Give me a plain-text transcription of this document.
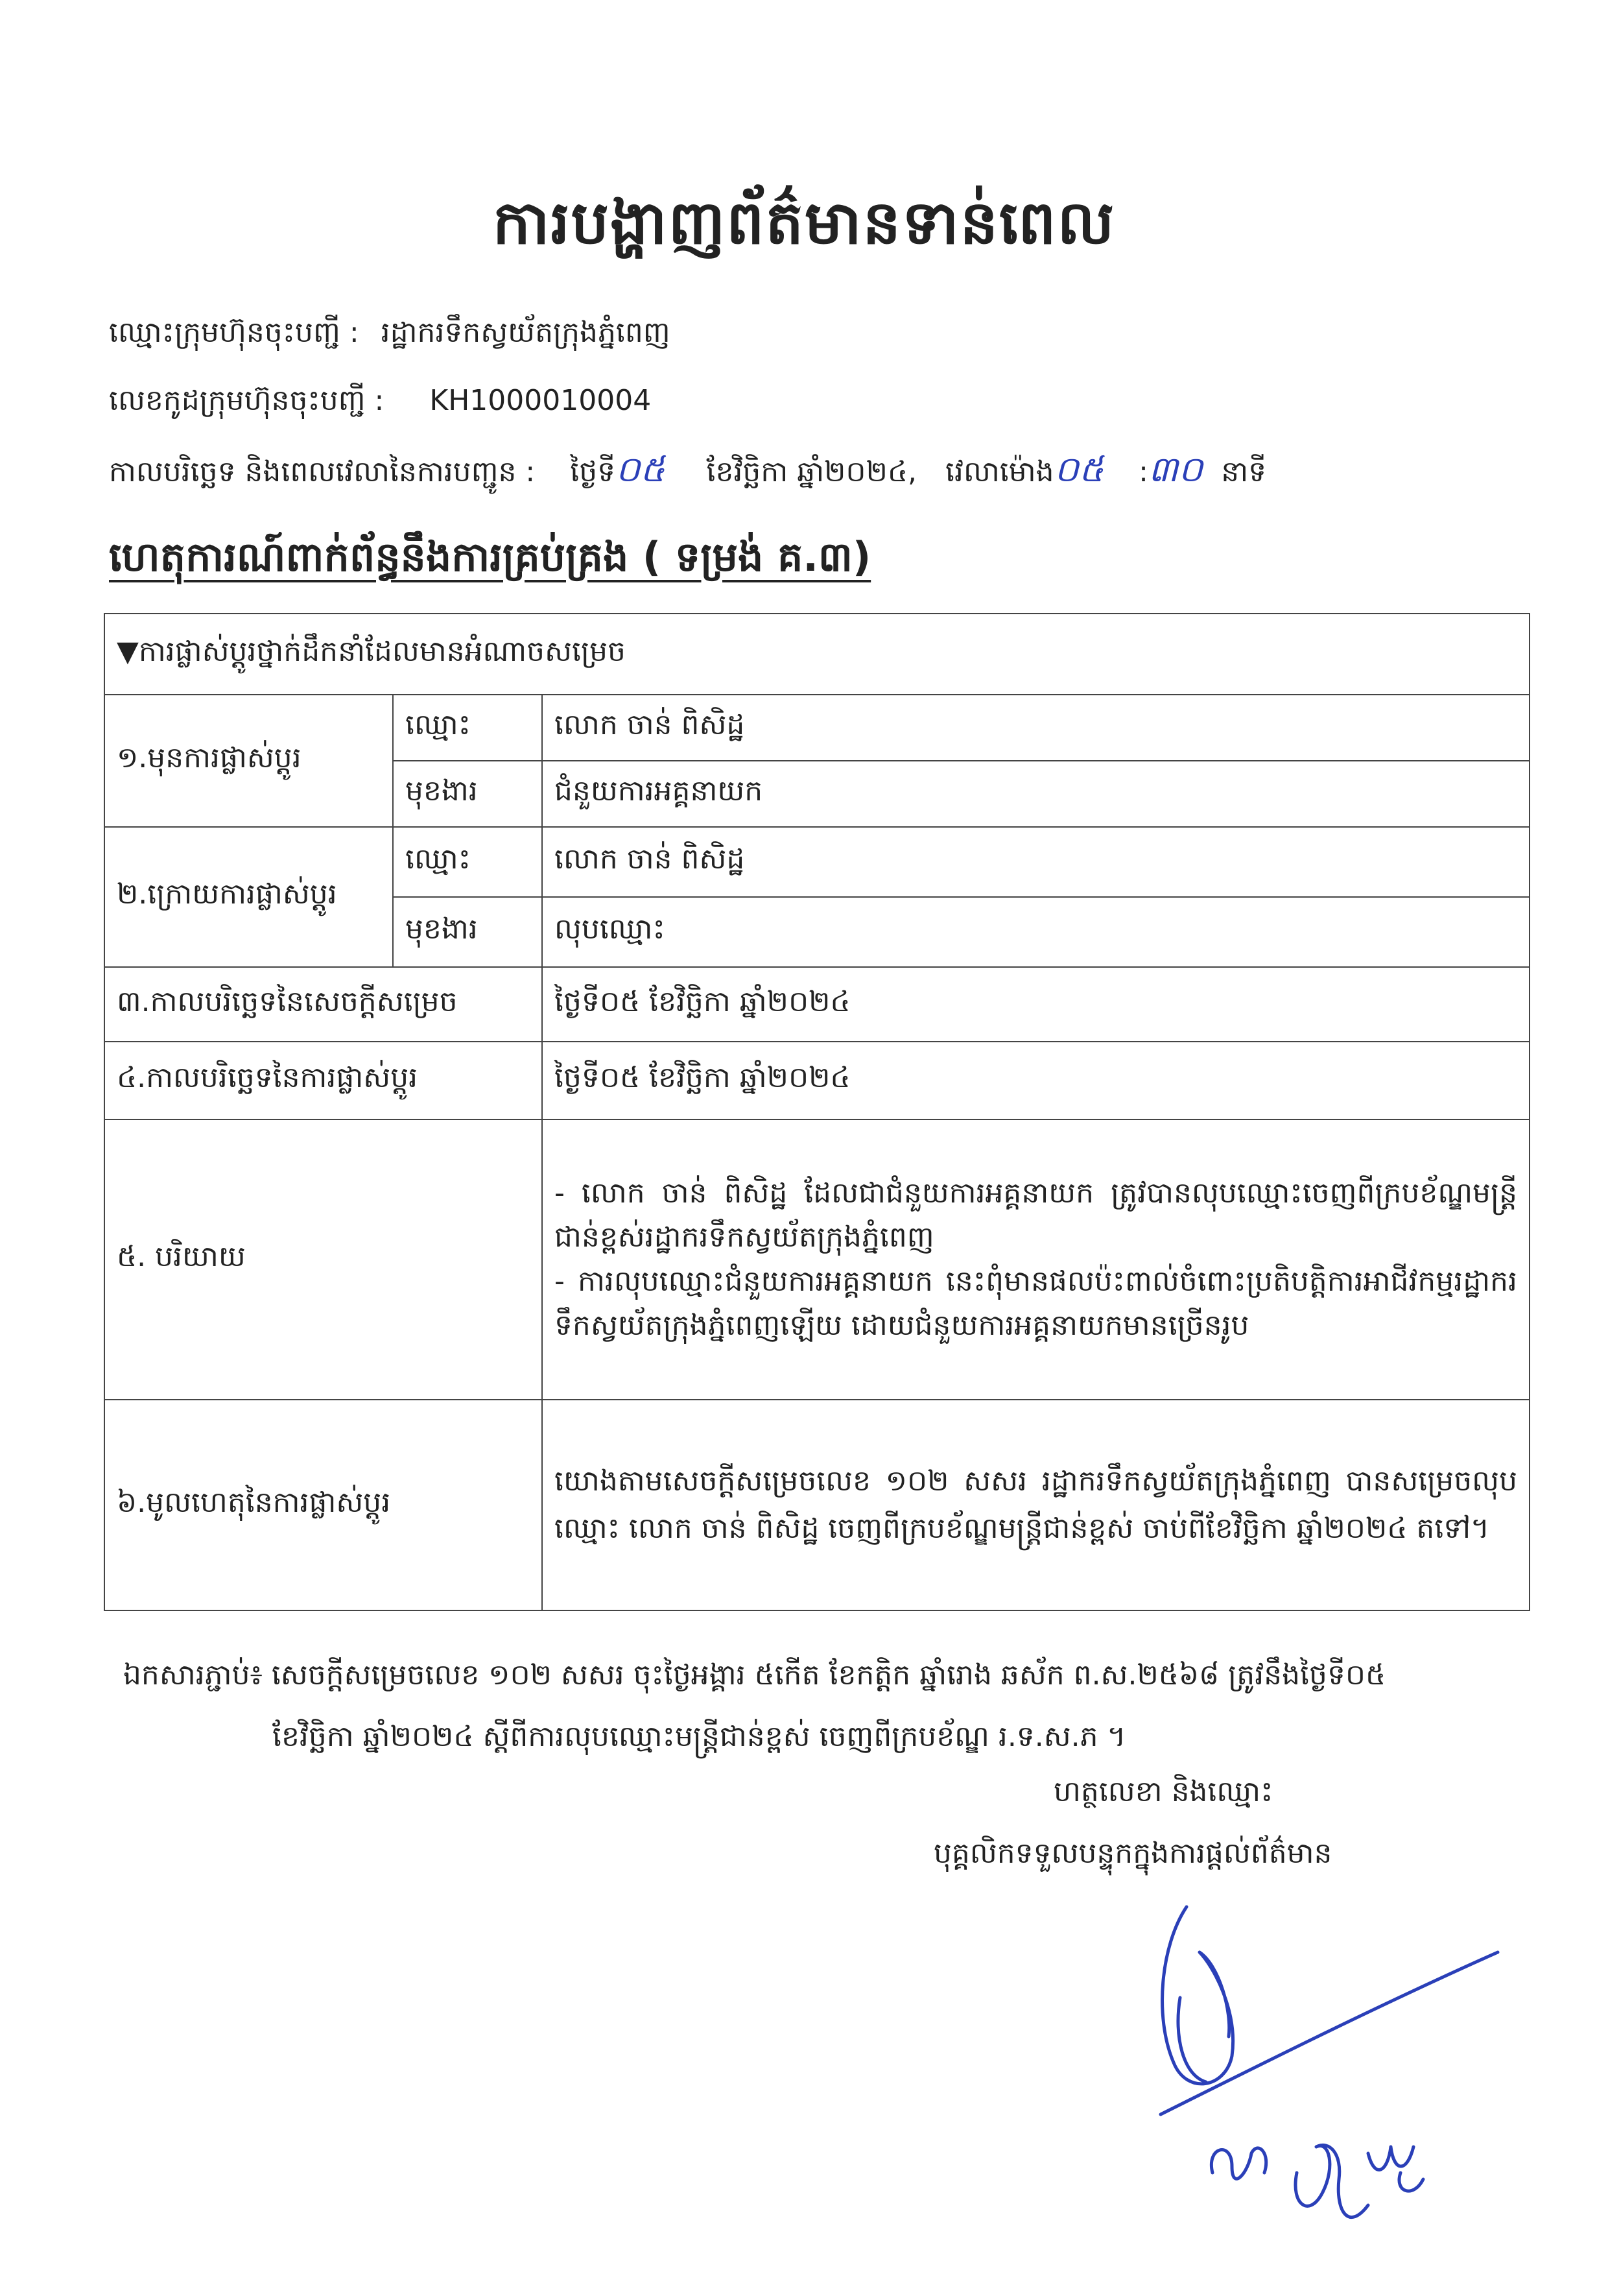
ការបង្ហាញព័ត៌មានទាន់ពេល
ឈ្មោះក្រុមហ៊ុនចុះបញ្ជី : រដ្ឋាករទឹកស្វយ័តក្រុងភ្នំពេញ
លេខកូដក្រុមហ៊ុនចុះបញ្ជី : KH1000010004
កាលបរិច្ឆេទ និងពេលវេលានៃការបញ្ជូន : ថ្ងៃទី០៥ ខែវិច្ឆិកា ឆ្នាំ២០២៤, វេលាម៉ោង០៥ :៣០ នាទី
ហេតុការណ៍ពាក់ព័ន្ធនឹងការគ្រប់គ្រង ( ទម្រង់ គ.៣)
▼ការផ្លាស់ប្ដូរថ្នាក់ដឹកនាំដែលមានអំណាចសម្រេច		
១.មុនការផ្លាស់ប្ដូរ	ឈ្មោះ	លោក ចាន់ ពិសិដ្ឋ
	មុខងារ	ជំនួយការអគ្គនាយក
២.ក្រោយការផ្លាស់ប្ដូរ	ឈ្មោះ	លោក ចាន់ ពិសិដ្ឋ
	មុខងារ	លុបឈ្មោះ
៣.កាលបរិច្ឆេទនៃសេចក្ដីសម្រេច		ថ្ងៃទី០៥ ខែវិច្ឆិកា ឆ្នាំ២០២៤
៤.កាលបរិច្ឆេទនៃការផ្លាស់ប្ដូរ		ថ្ងៃទី០៥ ខែវិច្ឆិកា ឆ្នាំ២០២៤
៥. បរិយាយ		- លោក ចាន់ ពិសិដ្ឋ ដែលជាជំនួយការអគ្គនាយក ត្រូវបានលុបឈ្មោះចេញពីក្របខ័ណ្ឌមន្ត្រីជាន់ខ្ពស់រដ្ឋាករទឹកស្វយ័តក្រុងភ្នំពេញ
- ការលុបឈ្មោះជំនួយការអគ្គនាយក នេះពុំមានផលប៉ះពាល់ចំពោះប្រតិបត្តិការអាជីវកម្មរដ្ឋាករទឹកស្វយ័តក្រុងភ្នំពេញឡើយ ដោយជំនួយការអគ្គនាយកមានច្រើនរូប

៦.មូលហេតុនៃការផ្លាស់ប្ដូរ		យោងតាមសេចក្ដីសម្រេចលេខ ១០២ សសរ រដ្ឋាករទឹកស្វយ័តក្រុងភ្នំពេញ បានសម្រេចលុបឈ្មោះ លោក ចាន់ ពិសិដ្ឋ ចេញពីក្របខ័ណ្ឌមន្ត្រីជាន់ខ្ពស់ ចាប់ពីខែវិច្ឆិកា ឆ្នាំ២០២៤ តទៅ។
ឯកសារភ្ជាប់៖ សេចក្ដីសម្រេចលេខ ១០២ សសរ ចុះថ្ងៃអង្គារ ៥កើត ខែកត្ដិក ឆ្នាំរោង ឆស័ក ព.ស.២៥៦៨ ត្រូវនឹងថ្ងៃទី០៥
ខែវិច្ឆិកា ឆ្នាំ២០២៤ ស្ដីពីការលុបឈ្មោះមន្ត្រីជាន់ខ្ពស់ ចេញពីក្របខ័ណ្ឌ រ.ទ.ស.ភ ។
ហត្ថលេខា និងឈ្មោះ
បុគ្គលិកទទួលបន្ទុកក្នុងការផ្ដល់ព័ត៌មាន
